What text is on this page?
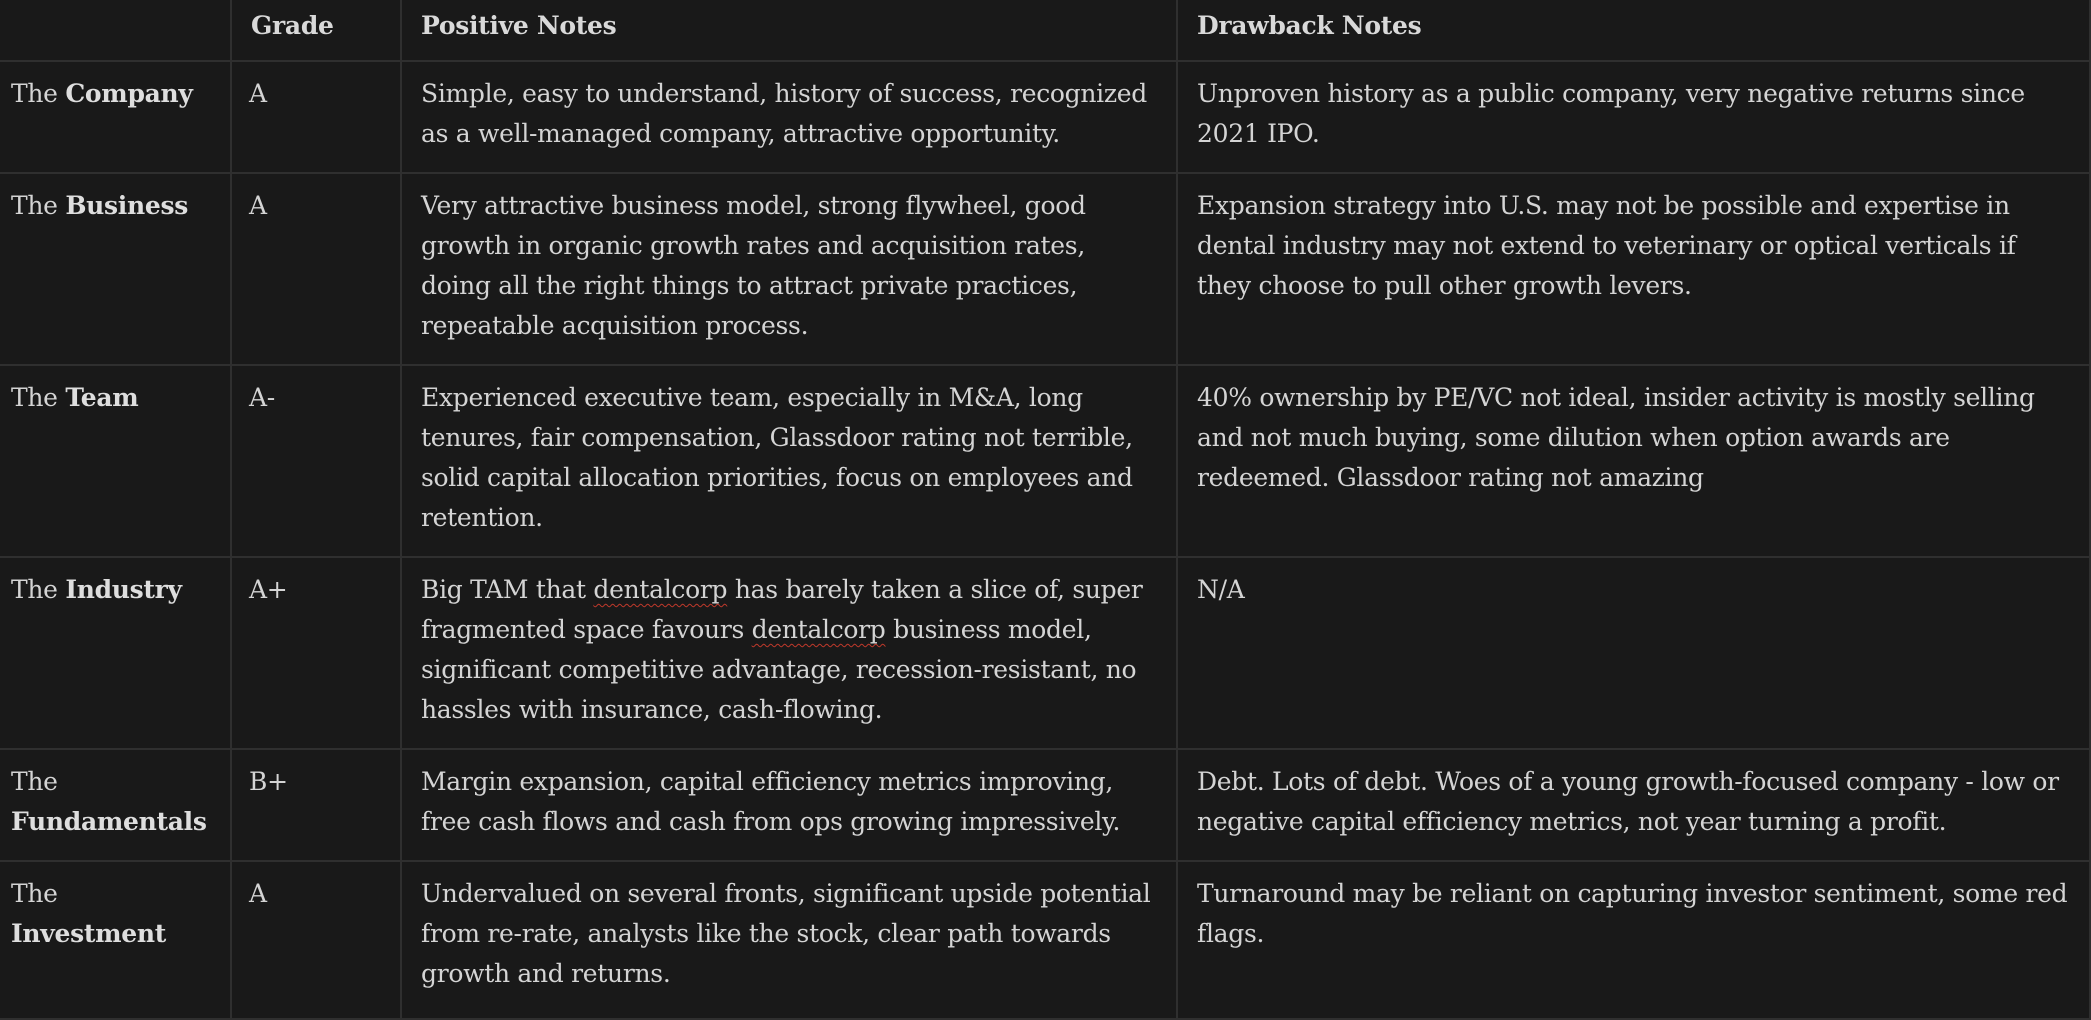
	Grade	Positive Notes	Drawback Notes
The Company	A	Simple, easy to understand, history of success, recognized as a well-managed company, attractive opportunity.	Unproven history as a public company, very negative returns since 2021 IPO.
The Business	A	Very attractive business model, strong flywheel, good growth in organic growth rates and acquisition rates, doing all the right things to attract private practices, repeatable acquisition process.	Expansion strategy into U.S. may not be possible and expertise in dental industry may not extend to veterinary or optical verticals if they choose to pull other growth levers.
The Team	A-	Experienced executive team, especially in M&A, long tenures, fair compensation, Glassdoor rating not terrible, solid capital allocation priorities, focus on employees and retention.	40% ownership by PE/VC not ideal, insider activity is mostly selling and not much buying, some dilution when option awards are redeemed. Glassdoor rating not amazing
The Industry	A+	Big TAM that dentalcorp has barely taken a slice of, super fragmented space favours dentalcorp business model, significant competitive advantage, recession-resistant, no hassles with insurance, cash-flowing.	N/A
The Fundamentals	B+	Margin expansion, capital efficiency metrics improving, free cash flows and cash from ops growing impressively.	Debt. Lots of debt. Woes of a young growth-focused company - low or negative capital efficiency metrics, not year turning a profit.
The Investment	A	Undervalued on several fronts, significant upside potential from re-rate, analysts like the stock, clear path towards growth and returns.	Turnaround may be reliant on capturing investor sentiment, some red flags.
